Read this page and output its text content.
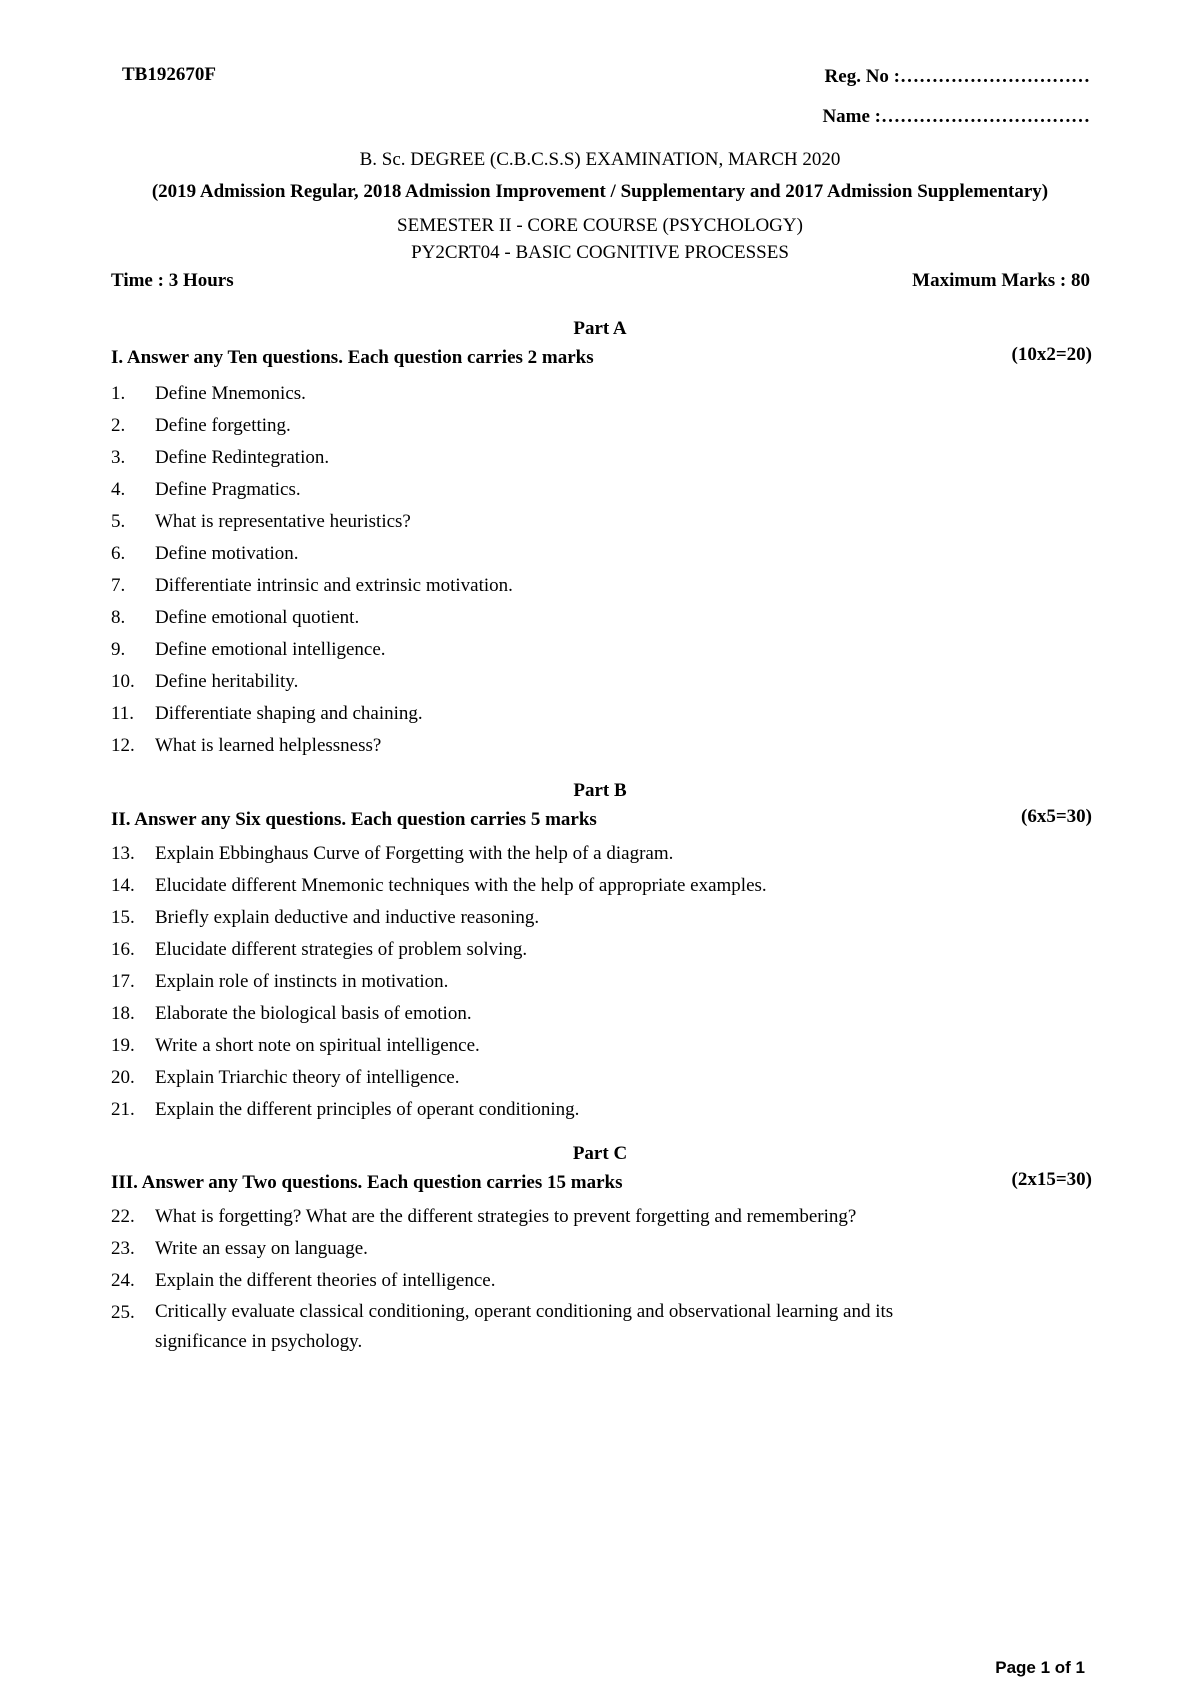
TB192670F	Reg. No :…………………………
Name :……………………………
B. Sc. DEGREE (C.B.C.S.S) EXAMINATION, MARCH 2020
(2019 Admission Regular, 2018 Admission Improvement / Supplementary and 2017 Admission Supplementary)
SEMESTER II - CORE COURSE (PSYCHOLOGY)
PY2CRT04 - BASIC COGNITIVE PROCESSES
Time : 3 Hours	Maximum Marks : 80
Part A
I. Answer any Ten questions. Each question carries 2 marks	(10x2=20)
1. Define Mnemonics.
2. Define forgetting.
3. Define Redintegration.
4. Define Pragmatics.
5. What is representative heuristics?
6. Define motivation.
7. Differentiate intrinsic and extrinsic motivation.
8. Define emotional quotient.
9. Define emotional intelligence.
10. Define heritability.
11. Differentiate shaping and chaining.
12. What is learned helplessness?
Part B
II. Answer any Six questions. Each question carries 5 marks	(6x5=30)
13. Explain Ebbinghaus Curve of Forgetting with the help of a diagram.
14. Elucidate different Mnemonic techniques with the help of appropriate examples.
15. Briefly explain deductive and inductive reasoning.
16. Elucidate different strategies of problem solving.
17. Explain role of instincts in motivation.
18. Elaborate the biological basis of emotion.
19. Write a short note on spiritual intelligence.
20. Explain Triarchic theory of intelligence.
21. Explain the different principles of operant conditioning.
Part C
III. Answer any Two questions. Each question carries 15 marks	(2x15=30)
22. What is forgetting? What are the different strategies to prevent forgetting and remembering?
23. Write an essay on language.
24. Explain the different theories of intelligence.
25.	Critically evaluate classical conditioning, operant conditioning and observational learning and its significance in psychology.
Page 1 of 1
